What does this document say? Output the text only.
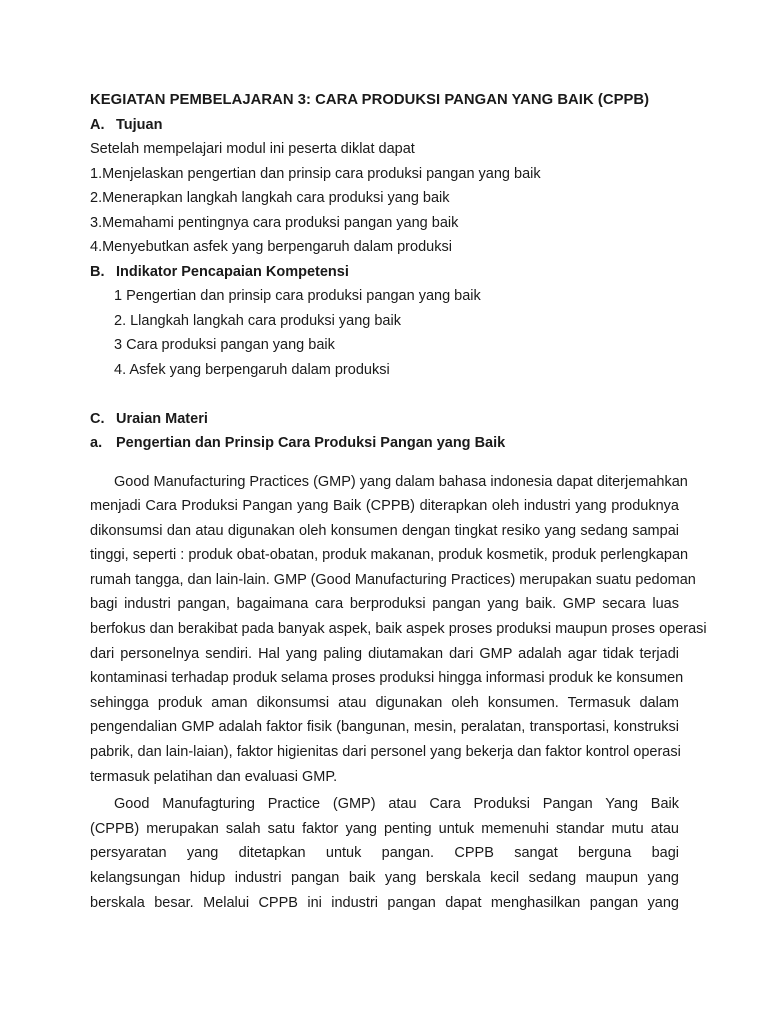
KEGIATAN PEMBELAJARAN 3: CARA PRODUKSI PANGAN YANG BAIK (CPPB)
A. Tujuan
Setelah mempelajari modul ini peserta diklat dapat
1.Menjelaskan pengertian dan prinsip cara produksi pangan yang baik
2.Menerapkan langkah langkah cara produksi yang baik
3.Memahami pentingnya cara produksi pangan yang baik
4.Menyebutkan asfek yang berpengaruh dalam produksi
B. Indikator Pencapaian Kompetensi
1 Pengertian dan prinsip cara produksi pangan yang baik
2. Llangkah langkah cara produksi yang baik
3 Cara produksi pangan yang baik
4. Asfek yang berpengaruh dalam produksi
C. Uraian Materi
a. Pengertian dan Prinsip Cara Produksi Pangan yang Baik
Good Manufacturing Practices (GMP) yang dalam bahasa indonesia dapat diterjemahkan
menjadi Cara Produksi Pangan yang Baik (CPPB) diterapkan oleh industri yang produknya
dikonsumsi dan atau digunakan oleh konsumen dengan tingkat resiko yang sedang sampai
tinggi, seperti : produk obat-obatan, produk makanan, produk kosmetik, produk perlengkapan
rumah tangga, dan lain-lain. GMP (Good Manufacturing Practices) merupakan suatu pedoman
bagi industri pangan, bagaimana cara berproduksi pangan yang baik. GMP secara luas
berfokus dan berakibat pada banyak aspek, baik aspek proses produksi maupun proses operasi
dari personelnya sendiri. Hal yang paling diutamakan dari GMP adalah agar tidak terjadi
kontaminasi terhadap produk selama proses produksi hingga informasi produk ke konsumen
sehingga produk aman dikonsumsi atau digunakan oleh konsumen. Termasuk dalam
pengendalian GMP adalah faktor fisik (bangunan, mesin, peralatan, transportasi, konstruksi
pabrik, dan lain-laian), faktor higienitas dari personel yang bekerja dan faktor kontrol operasi
termasuk pelatihan dan evaluasi GMP.
Good Manufagturing Practice (GMP) atau Cara Produksi Pangan Yang Baik
(CPPB) merupakan salah satu faktor yang penting untuk memenuhi standar mutu atau
persyaratan yang ditetapkan untuk pangan. CPPB sangat berguna bagi
kelangsungan hidup industri pangan baik yang berskala kecil sedang maupun yang
berskala besar. Melalui CPPB ini industri pangan dapat menghasilkan pangan yang
